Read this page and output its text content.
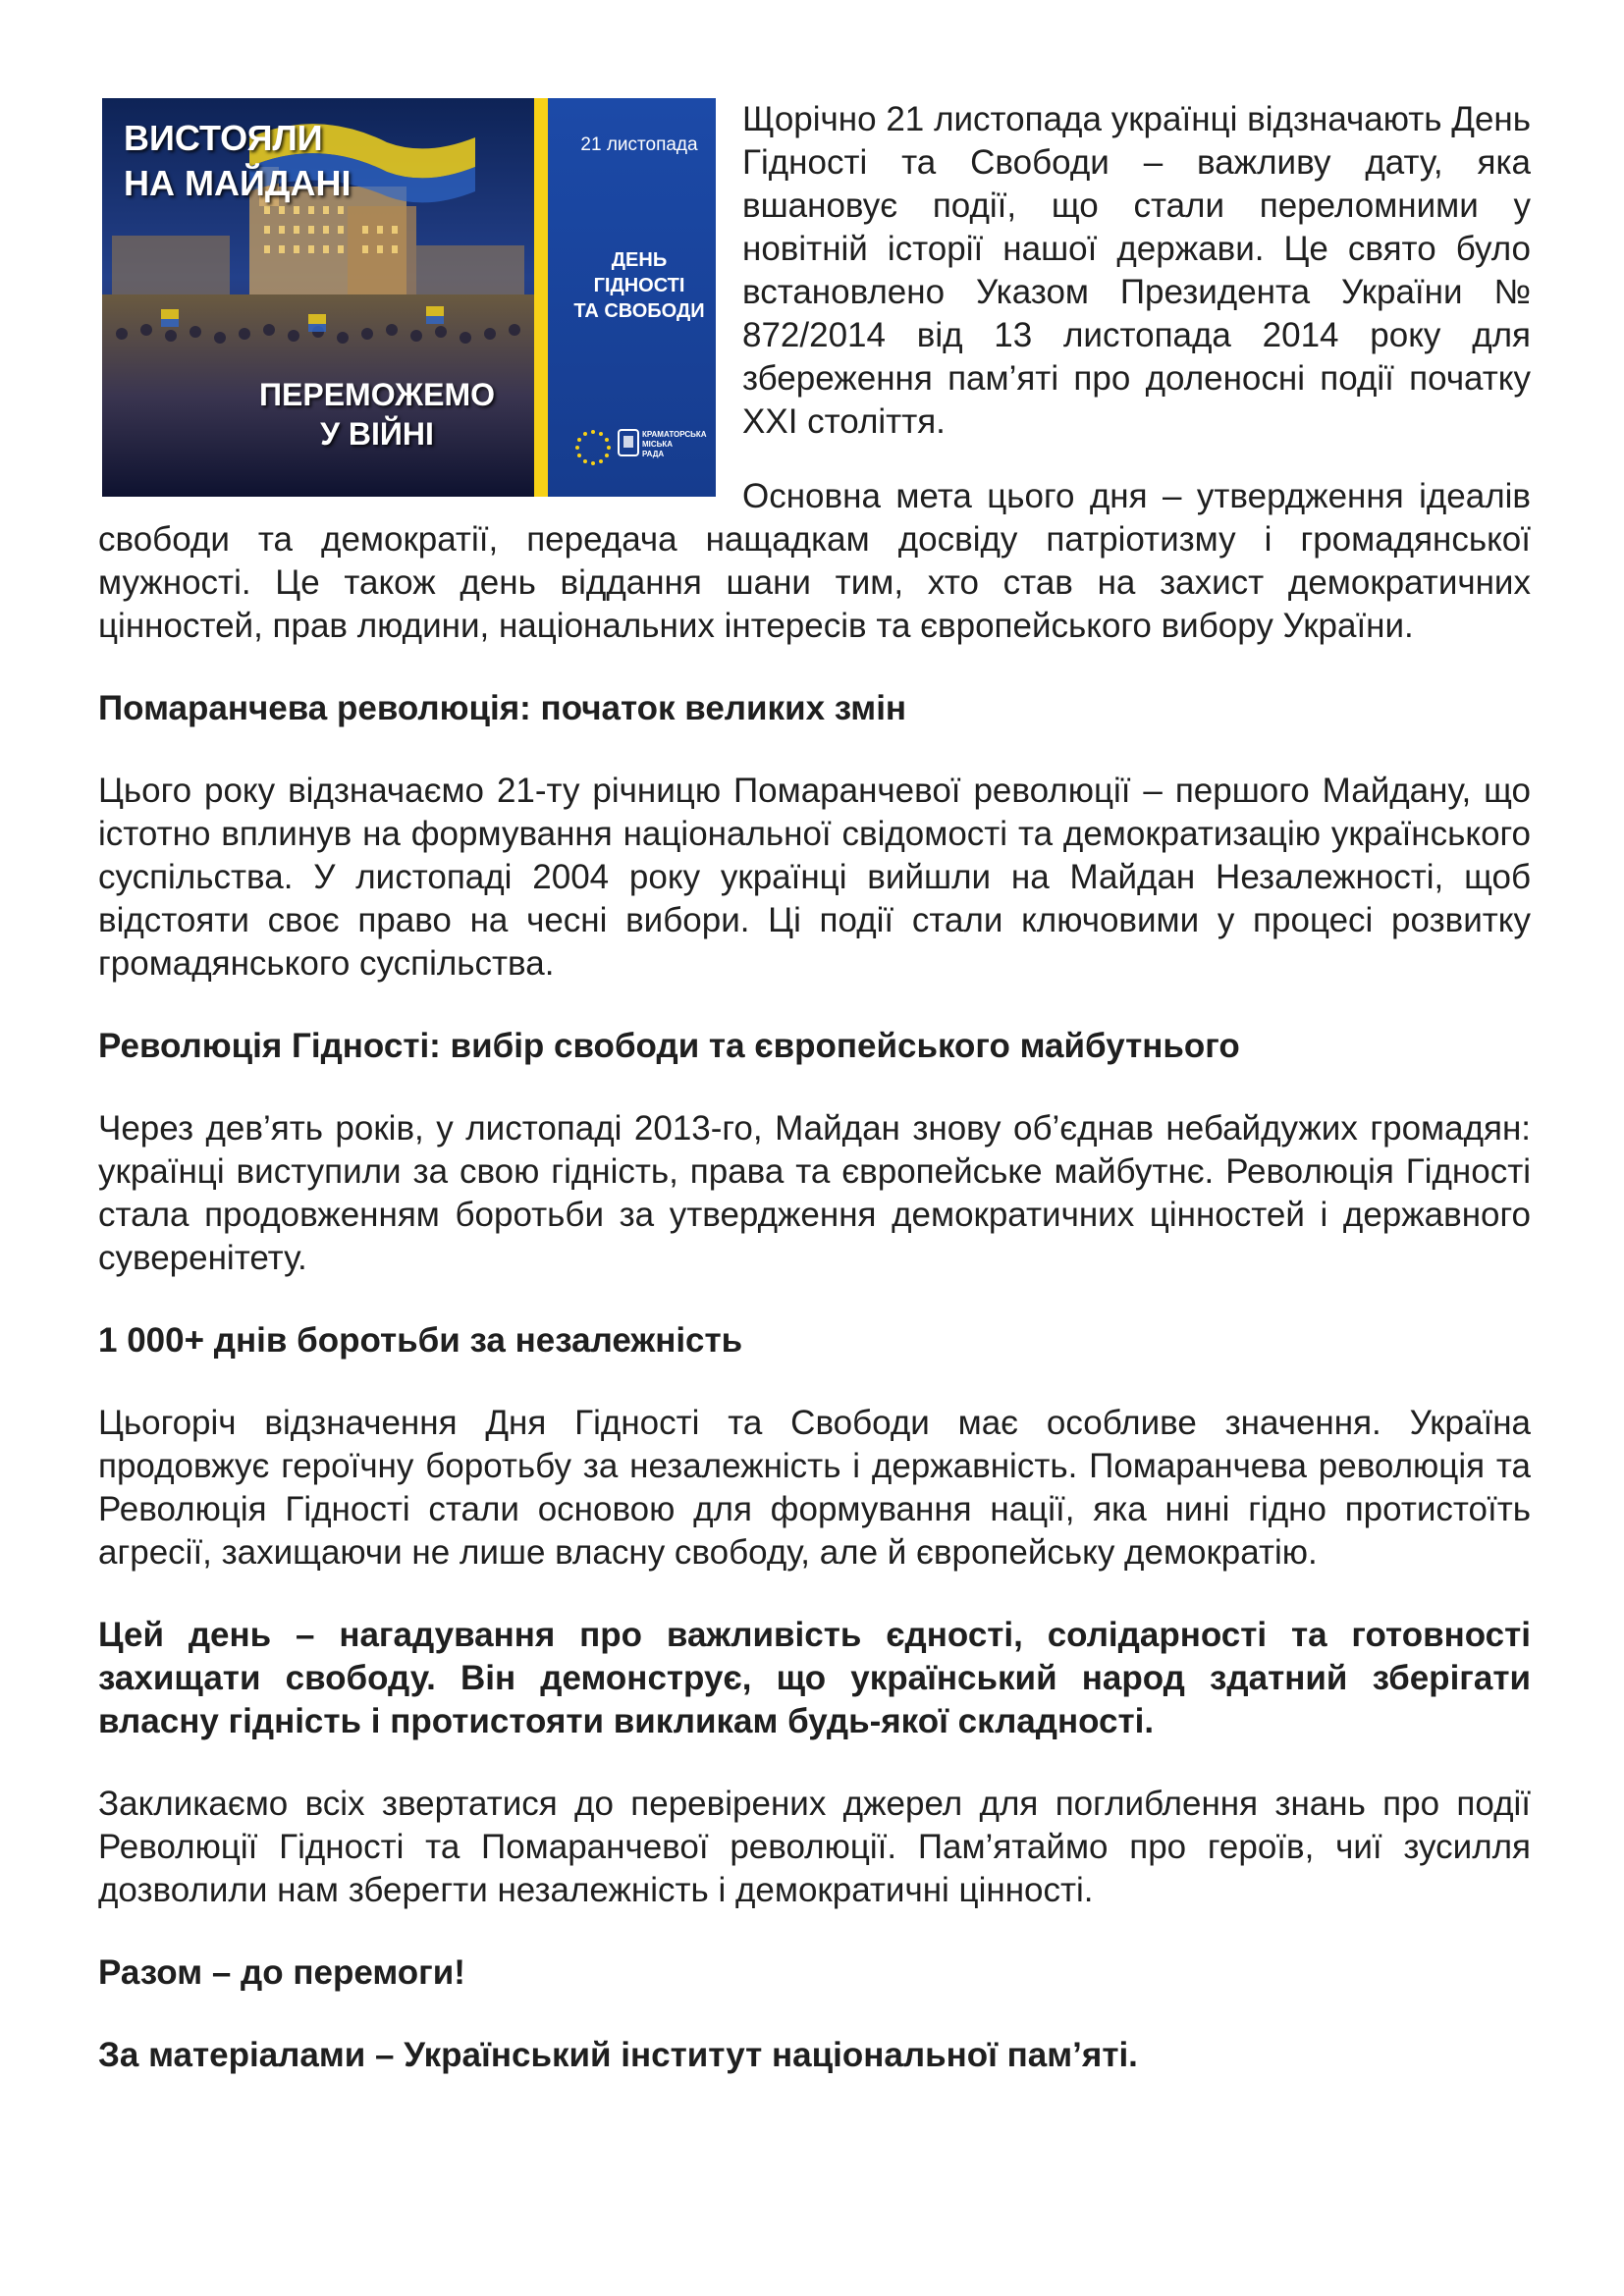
ВИСТОЯЛИ
НА МАЙДАНІ
ПЕРЕМОЖЕМО
У ВІЙНІ
21 листопада
ДЕНЬ
ГІДНОСТІ
ТА СВОБОДИ
КРАМАТОРСЬКА
МІСЬКА
РАДА

Щорічно 21 листопада українці відзначають День Гідності та Свободи – важливу дату, яка вшановує події, що стали переломними у новітній історії нашої держави. Це свято було встановлено Указом Президента України № 872/2014 від 13 листопада 2014 року для збереження пам’яті про доленосні події початку XXI століття.

Основна мета цього дня – утвердження ідеалів свободи та демократії, передача нащадкам досвіду патріотизму і громадянської мужності. Це також день віддання шани тим, хто став на захист демократичних цінностей, прав людини, національних інтересів та європейського вибору України.

Помаранчева революція: початок великих змін

Цього року відзначаємо 21-ту річницю Помаранчевої революції – першого Майдану, що істотно вплинув на формування національної свідомості та демократизацію українського суспільства. У листопаді 2004 року українці вийшли на Майдан Незалежності, щоб відстояти своє право на чесні вибори. Ці події стали ключовими у процесі розвитку громадянського суспільства.

Революція Гідності: вибір свободи та європейського майбутнього

Через дев’ять років, у листопаді 2013-го, Майдан знову об’єднав небайдужих громадян: українці виступили за свою гідність, права та європейське майбутнє. Революція Гідності стала продовженням боротьби за утвердження демократичних цінностей і державного суверенітету.

1 000+ днів боротьби за незалежність

Цьогоріч відзначення Дня Гідності та Свободи має особливе значення. Україна продовжує героїчну боротьбу за незалежність і державність. Помаранчева революція та Революція Гідності стали основою для формування нації, яка нині гідно протистоїть агресії, захищаючи не лише власну свободу, але й європейську демократію.

Цей день – нагадування про важливість єдності, солідарності та готовності захищати свободу. Він демонструє, що український народ здатний зберігати власну гідність і протистояти викликам будь-якої складності.

Закликаємо всіх звертатися до перевірених джерел для поглиблення знань про події Революції Гідності та Помаранчевої революції. Пам’ятаймо про героїв, чиї зусилля дозволили нам зберегти незалежність і демократичні цінності.

Разом – до перемоги!
За матеріалами – Український інститут національної пам’яті.
